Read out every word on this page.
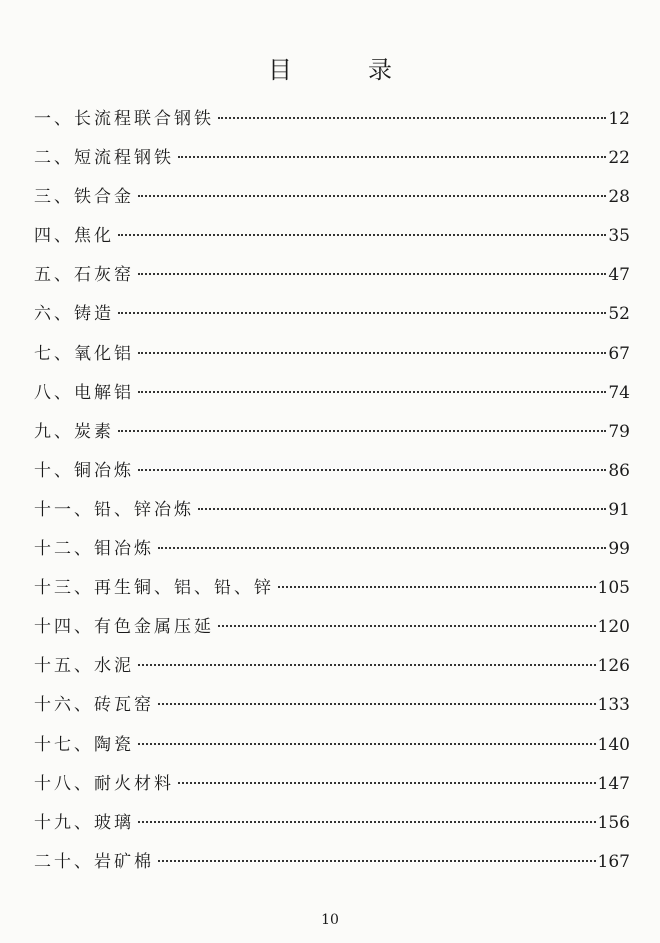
目　录
一、长流程联合钢铁	12
二、短流程钢铁	22
三、铁合金	28
四、焦化	35
五、石灰窑	47
六、铸造	52
七、氧化铝	67
八、电解铝	74
九、炭素	79
十、铜冶炼	86
十一、铅、锌冶炼	91
十二、钼冶炼	99
十三、再生铜、铝、铅、锌	105
十四、有色金属压延	120
十五、水泥	126
十六、砖瓦窑	133
十七、陶瓷	140
十八、耐火材料	147
十九、玻璃	156
二十、岩矿棉	167
10
